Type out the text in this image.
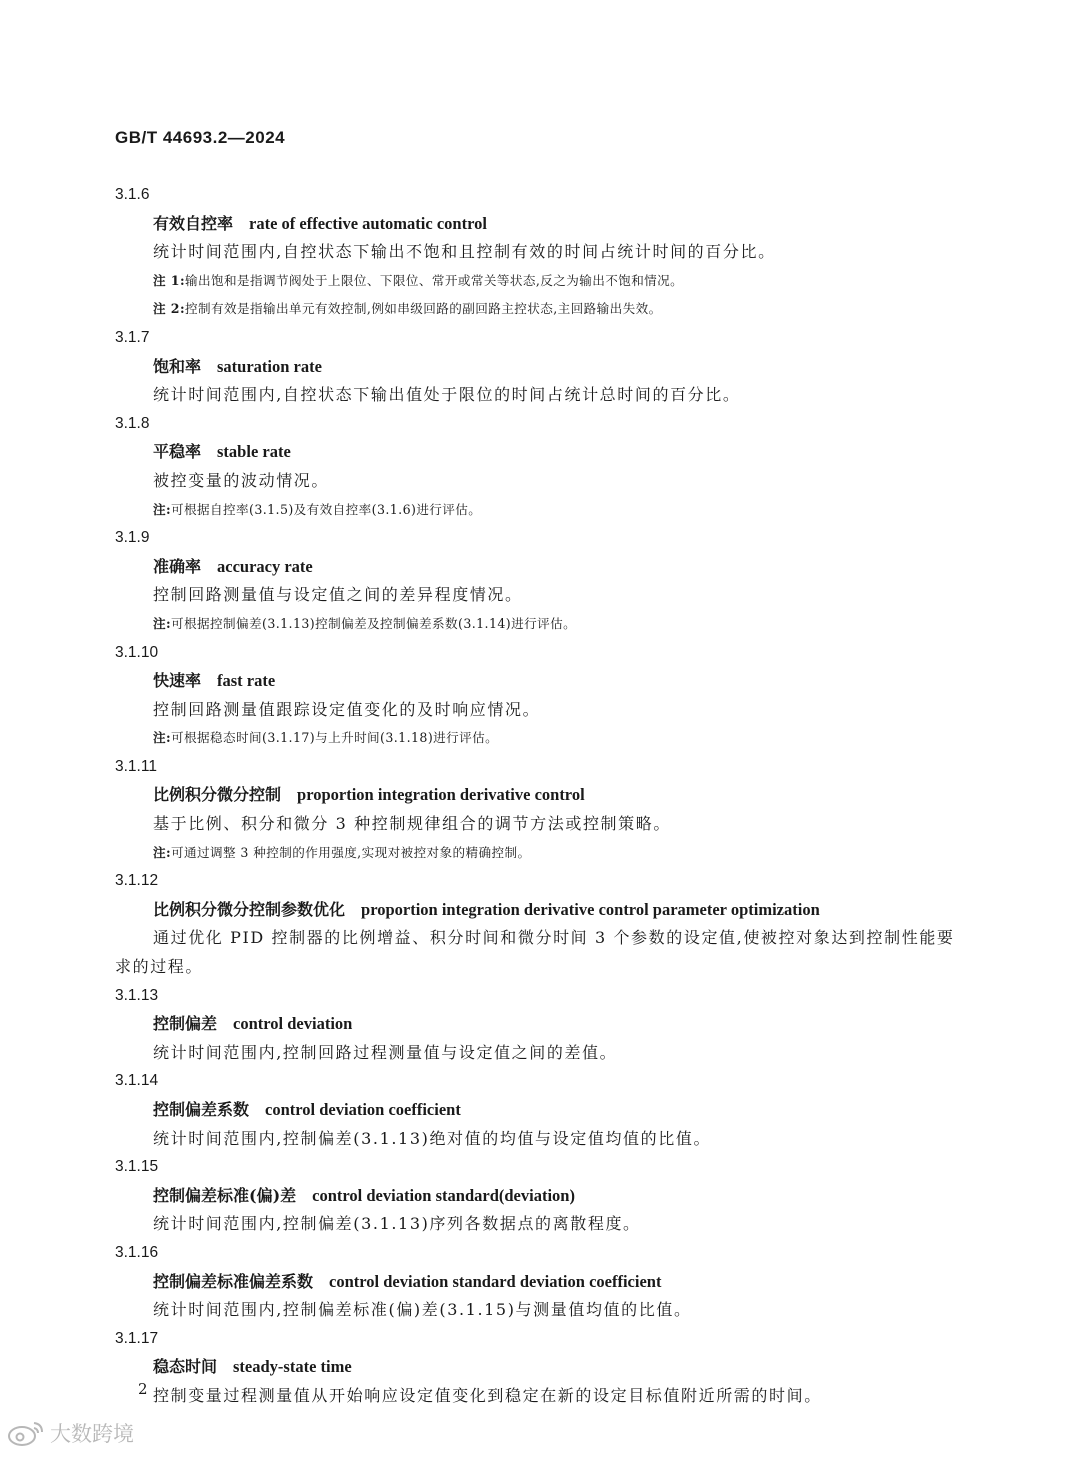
GB/T 44693.2—2024
3.1.6
有效自控率 rate of effective automatic control
统计时间范围内,自控状态下输出不饱和且控制有效的时间占统计时间的百分比。
注 1:输出饱和是指调节阀处于上限位、下限位、常开或常关等状态,反之为输出不饱和情况。
注 2:控制有效是指输出单元有效控制,例如串级回路的副回路主控状态,主回路输出失效。
3.1.7
饱和率 saturation rate
统计时间范围内,自控状态下输出值处于限位的时间占统计总时间的百分比。
3.1.8
平稳率 stable rate
被控变量的波动情况。
注:可根据自控率(3.1.5)及有效自控率(3.1.6)进行评估。
3.1.9
准确率 accuracy rate
控制回路测量值与设定值之间的差异程度情况。
注:可根据控制偏差(3.1.13)控制偏差及控制偏差系数(3.1.14)进行评估。
3.1.10
快速率 fast rate
控制回路测量值跟踪设定值变化的及时响应情况。
注:可根据稳态时间(3.1.17)与上升时间(3.1.18)进行评估。
3.1.11
比例积分微分控制 proportion integration derivative control
基于比例、积分和微分 3 种控制规律组合的调节方法或控制策略。
注:可通过调整 3 种控制的作用强度,实现对被控对象的精确控制。
3.1.12
比例积分微分控制参数优化 proportion integration derivative control parameter optimization
通过优化 PID 控制器的比例增益、积分时间和微分时间 3 个参数的设定值,使被控对象达到控制性能要求的过程。
3.1.13
控制偏差 control deviation
统计时间范围内,控制回路过程测量值与设定值之间的差值。
3.1.14
控制偏差系数 control deviation coefficient
统计时间范围内,控制偏差(3.1.13)绝对值的均值与设定值均值的比值。
3.1.15
控制偏差标准(偏)差 control deviation standard(deviation)
统计时间范围内,控制偏差(3.1.13)序列各数据点的离散程度。
3.1.16
控制偏差标准偏差系数 control deviation standard deviation coefficient
统计时间范围内,控制偏差标准(偏)差(3.1.15)与测量值均值的比值。
3.1.17
稳态时间 steady-state time
控制变量过程测量值从开始响应设定值变化到稳定在新的设定目标值附近所需的时间。
2
大数跨境
